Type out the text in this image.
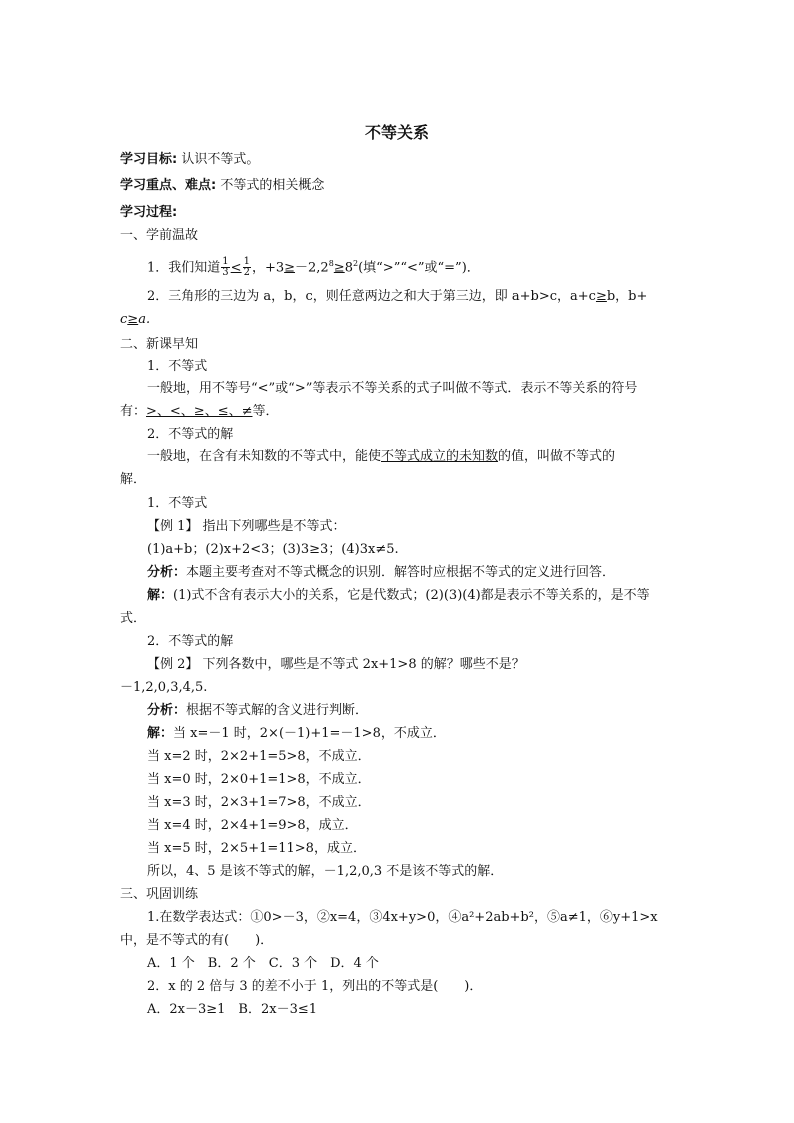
不等关系
学习目标: 认识不等式。
学习重点、难点: 不等式的相关概念
学习过程:
一、学前温故
1．我们知道 $\frac{1}{3} < \frac{1}{2}$ ，$+3\ge-2,2^8\ge 8^2$(填“>”“<”或“=”)．
2．三角形的三边为 a，b，c，则任意两边之和大于第三边，即 a+b>c，a+c≥b，b+
c≥a.
二、新课早知
1．不等式
一般地，用不等号“<”或“>”等表示不等关系的式子叫做不等式．表示不等关系的符号
有：>、<、≥、≤、≠等．
2．不等式的解
一般地，在含有未知数的不等式中，能使不等式成立的未知数的值，叫做不等式的
解．
1．不等式
【例 1】 指出下列哪些是不等式：
(1)a+b；(2)x+2<3；(3)3≥3；(4)3x≠5.
分析：本题主要考查对不等式概念的识别．解答时应根据不等式的定义进行回答．
解：(1)式不含有表示大小的关系，它是代数式；(2)(3)(4)都是表示不等关系的，是不等
式．
2．不等式的解
【例 2】 下列各数中，哪些是不等式 2x+1>8 的解？哪些不是？
－1,2,0,3,4,5.
分析：根据不等式解的含义进行判断．
解：当 x=－1 时，2×(－1)+1=－1>8，不成立．
当 x=2 时，2×2+1=5>8，不成立．
当 x=0 时，2×0+1=1>8，不成立．
当 x=3 时，2×3+1=7>8，不成立．
当 x=4 时，2×4+1=9>8，成立．
当 x=5 时，2×5+1=11>8，成立．
所以，4、5 是该不等式的解，－1,2,0,3 不是该不等式的解．
三、巩固训练
1.在数学表达式：①0>－3，②x=4，③4x+y>0，④a²+2ab+b²，⑤a≠1，⑥y+1>x
中，是不等式的有(　　)．
A．1 个　B．2 个　C．3 个　D．4 个
2．x 的 2 倍与 3 的差不小于 1，列出的不等式是(　　)．
A．2x－3≥1　B．2x－3≤1
